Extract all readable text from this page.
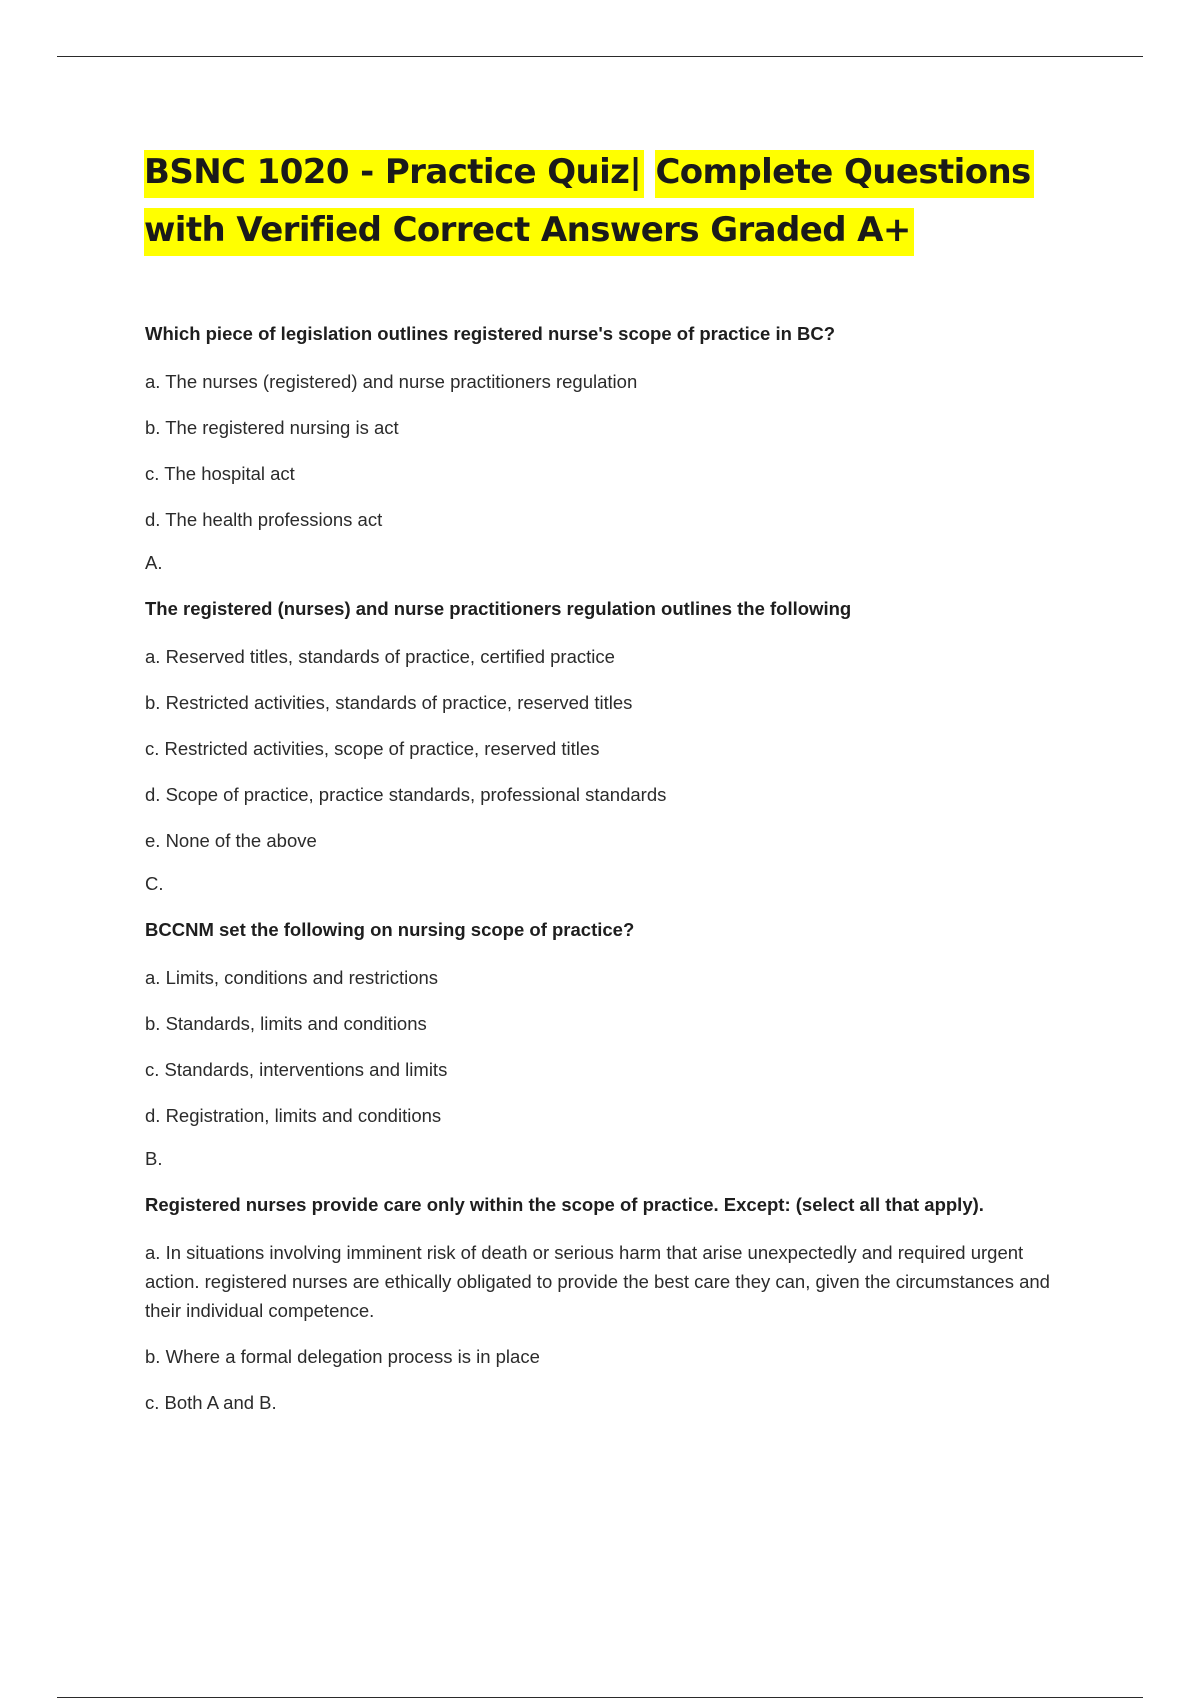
BSNC 1020 - Practice Quiz| Complete Questions with Verified Correct Answers Graded A+

Which piece of legislation outlines registered nurse's scope of practice in BC?

a. The nurses (registered) and nurse practitioners regulation

b. The registered nursing is act

c. The hospital act

d. The health professions act

A.

The registered (nurses) and nurse practitioners regulation outlines the following

a. Reserved titles, standards of practice, certified practice

b. Restricted activities, standards of practice, reserved titles

c. Restricted activities, scope of practice, reserved titles

d. Scope of practice, practice standards, professional standards

e. None of the above

C.

BCCNM set the following on nursing scope of practice?

a. Limits, conditions and restrictions

b. Standards, limits and conditions

c. Standards, interventions and limits

d. Registration, limits and conditions

B.

Registered nurses provide care only within the scope of practice. Except: (select all that apply).

a. In situations involving imminent risk of death or serious harm that arise unexpectedly and required urgent action. registered nurses are ethically obligated to provide the best care they can, given the circumstances and their individual competence.

b. Where a formal delegation process is in place

c. Both A and B.
